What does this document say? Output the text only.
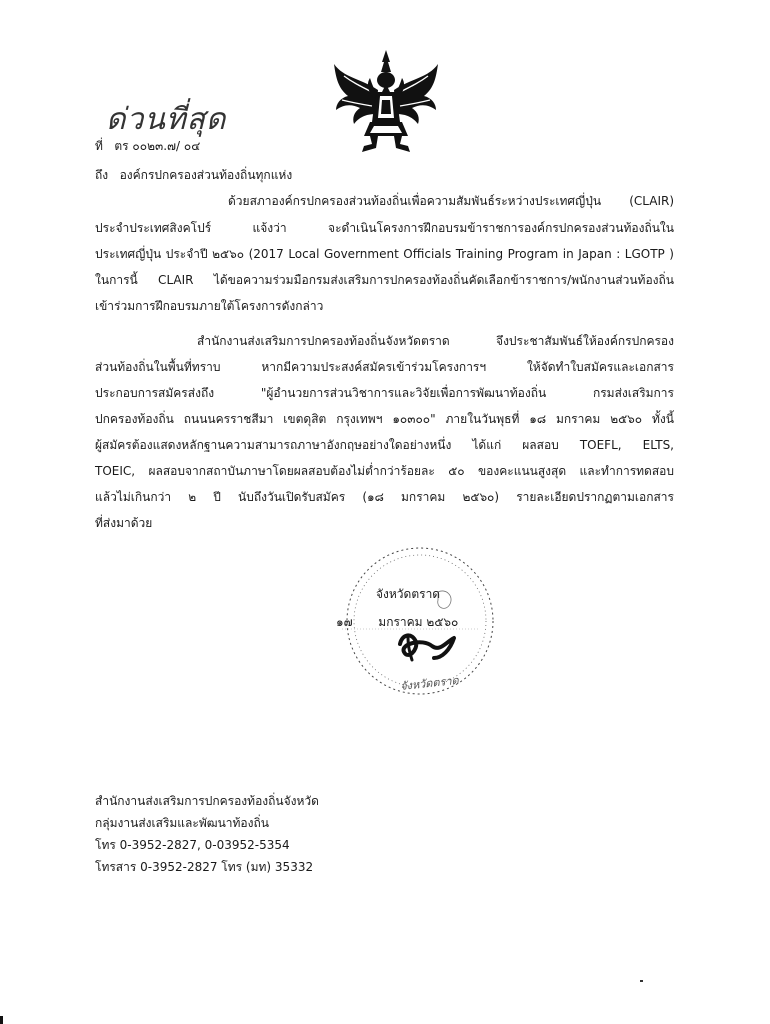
ด่วนที่สุด
ที่ ตร ๐๐๒๓.๗/ ๐๔
ถึง องค์กรปกครองส่วนท้องถิ่นทุกแห่ง
ด้วยสภาองค์กรปกครองส่วนท้องถิ่นเพื่อความสัมพันธ์ระหว่างประเทศญี่ปุ่น (CLAIR)
ประจำประเทศสิงคโปร์ แจ้งว่า จะดำเนินโครงการฝึกอบรมข้าราชการองค์กรปกครองส่วนท้องถิ่นใน
ประเทศญี่ปุ่น ประจำปี ๒๕๖๐ (2017 Local Government Officials Training Program in Japan : LGOTP )
ในการนี้ CLAIR ได้ขอความร่วมมือกรมส่งเสริมการปกครองท้องถิ่นคัดเลือกข้าราชการ/พนักงานส่วนท้องถิ่น
เข้าร่วมการฝึกอบรมภายใต้โครงการดังกล่าว
สำนักงานส่งเสริมการปกครองท้องถิ่นจังหวัดตราด จึงประชาสัมพันธ์ให้องค์กรปกครอง
ส่วนท้องถิ่นในพื้นที่ทราบ หากมีความประสงค์สมัครเข้าร่วมโครงการฯ ให้จัดทำใบสมัครและเอกสาร
ประกอบการสมัครส่งถึง "ผู้อำนวยการส่วนวิชาการและวิจัยเพื่อการพัฒนาท้องถิ่น กรมส่งเสริมการ
ปกครองท้องถิ่น ถนนนครราชสีมา เขตดุสิต กรุงเทพฯ ๑๐๓๐๐" ภายในวันพุธที่ ๑๘ มกราคม ๒๕๖๐ ทั้งนี้
ผู้สมัครต้องแสดงหลักฐานความสามารถภาษาอังกฤษอย่างใดอย่างหนึ่ง ได้แก่ ผลสอบ TOEFL, ELTS,
TOEIC, ผลสอบจากสถาบันภาษาโดยผลสอบต้องไม่ต่ำกว่าร้อยละ ๕๐ ของคะแนนสูงสุด และทำการทดสอบ
แล้วไม่เกินกว่า ๒ ปี นับถึงวันเปิดรับสมัคร (๑๘ มกราคม ๒๕๖๐) รายละเอียดปรากฏตามเอกสาร
ที่ส่งมาด้วย
จังหวัดตราด
๑๗ มกราคม ๒๕๖๐
จังหวัดตราด
สำนักงานส่งเสริมการปกครองท้องถิ่นจังหวัด
กลุ่มงานส่งเสริมและพัฒนาท้องถิ่น
โทร 0-3952-2827, 0-03952-5354
โทรสาร 0-3952-2827 โทร (มท) 35332
